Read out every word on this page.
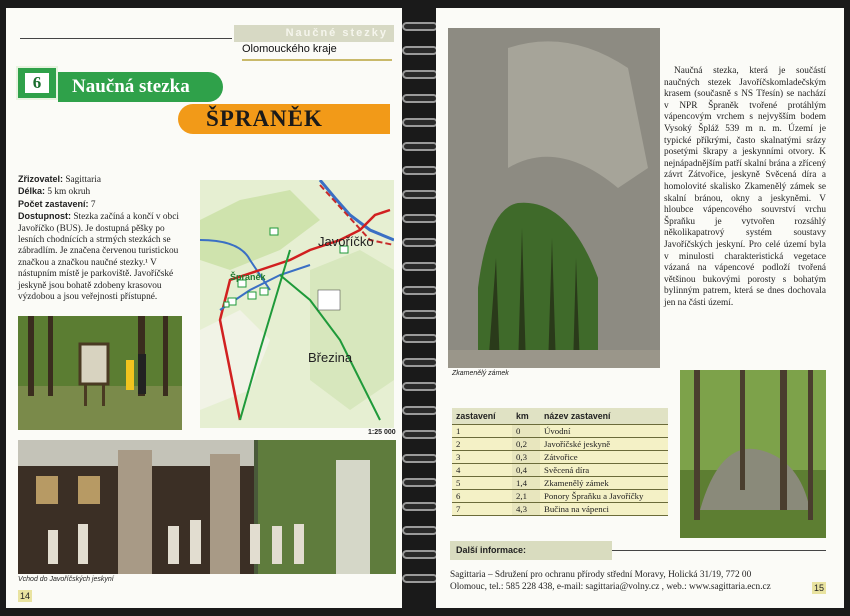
Naučné stezky
Olomouckého kraje
6	Naučná stezka
ŠPRANĚK
Zřizovatel: Sagittaria
Délka: 5 km okruh
Počet zastavení: 7
Dostupnost: Stezka začíná a končí v obci Javoříčko (BUS). Je dostupná pěšky po lesních chodnících a strmých stezkách se zábradlím. Je značena červenou turistickou značkou a značkou naučné stezky.¹ V nástupním místě je parkoviště. Javoříčské jeskyně jsou bohatě zdobeny krasovou výzdobou a jsou veřejnosti přístupné.
Javoříčko
Špraněk
Březina
1:25 000
Vchod do Javoříčských jeskyní
14
Zkamenělý zámek
Naučná stezka, která je součástí naučných stezek Javoříčskomladečským krasem (současně s NS Třesín) se nachází v NPR Špraněk tvořené protáhlým vápencovým vrchem s nejvyšším bodem Vysoký Špláž 539 m n. m. Území je typické příkrými, často skalnatými srázy posetými škrapy a jeskynními otvory. K nejnápadnějším patří skalní brána a zřícený závrt Zátvořice, jeskyně Svěcená díra a homolovité skalisko Zkamenělý zámek se skalní bránou, okny a jeskyněmi. V hloubce vápencového souvrství vrchu Špraňku je vytvořen rozsáhlý několikapatrový systém soustavy Javoříčských jeskyní. Pro celé území byla v minulosti charakteristická vegetace vázaná na vápencové podloží tvořená většinou bukovými porosty s bohatým bylinným patrem, která se dnes dochovala jen na části území.
zastavení	km	název zastavení
1	0	Úvodní
2	0,2	Javoříčské jeskyně
3	0,3	Zátvořice
4	0,4	Svěcená díra
5	1,4	Zkamenělý zámek
6	2,1	Ponory Špraňku a Javoříčky
7	4,3	Bučina na vápenci
Další informace:
Sagittaria – Sdružení pro ochranu přírody střední Moravy, Holická 31/19, 772 00
Olomouc, tel.: 585 228 438, e-mail: sagittaria@volny.cz , web.: www.sagittaria.ecn.cz	15
